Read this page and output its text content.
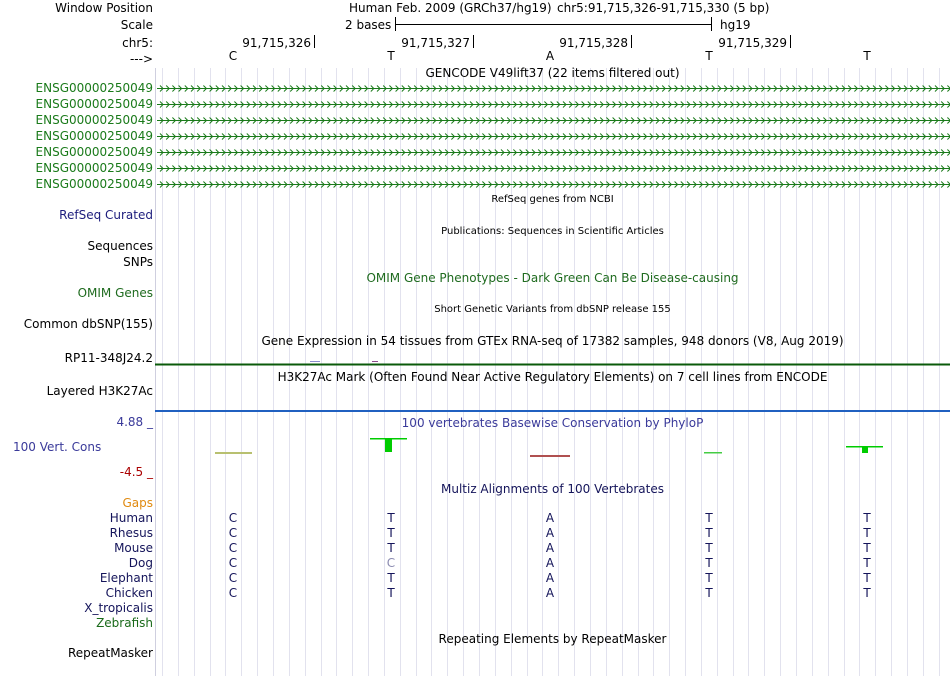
Window Position
Scale
chr5:
--->
Human Feb. 2009 (GRCh37/hg19) chr5:91,715,326-91,715,330 (5 bp)
2 bases	hg19
91,715,326	91,715,327	91,715,328	91,715,329
C	T	A	T	T
GENCODE V49lift37 (22 items filtered out)
ENSG00000250049
ENSG00000250049
ENSG00000250049
ENSG00000250049
ENSG00000250049
ENSG00000250049
ENSG00000250049
RefSeq genes from NCBI
RefSeq Curated
Publications: Sequences in Scientific Articles
Sequences
SNPs
OMIM Gene Phenotypes - Dark Green Can Be Disease-causing
OMIM Genes
Short Genetic Variants from dbSNP release 155
Common dbSNP(155)
Gene Expression in 54 tissues from GTEx RNA-seq of 17382 samples, 948 donors (V8, Aug 2019)
RP11-348J24.2
H3K27Ac Mark (Often Found Near Active Regulatory Elements) on 7 cell lines from ENCODE
Layered H3K27Ac
100 vertebrates Basewise Conservation by PhyloP
4.88 _
100 Vert. Cons
-4.5 _
Multiz Alignments of 100 Vertebrates
Gaps
Human	C	T	A	T	T
Rhesus	C	T	A	T	T
Mouse	C	T	A	T	T
Dog	C	C	A	T	T
Elephant	C	T	A	T	T
Chicken	C	T	A	T	T
X_tropicalis
Zebrafish
Repeating Elements by RepeatMasker
RepeatMasker
